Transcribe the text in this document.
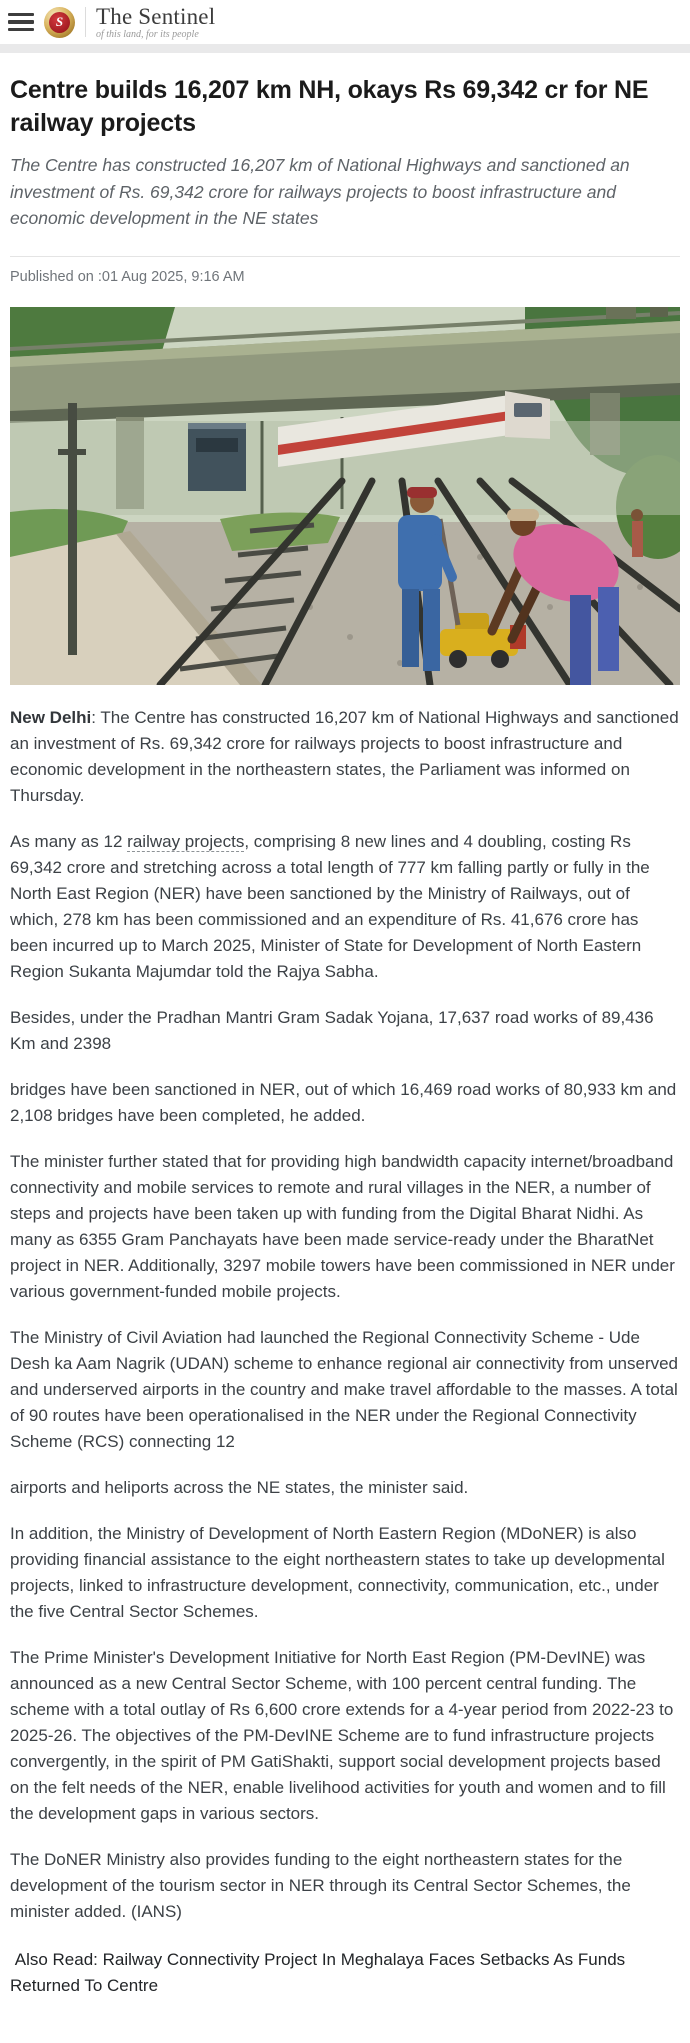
S The Sentinel
of this land, for its people
Centre builds 16,207 km NH, okays Rs 69,342 cr for NE railway projects

The Centre has constructed 16,207 km of National Highways and sanctioned an investment of Rs. 69,342 crore for railways projects to boost infrastructure and economic development in the NE states

Published on :01 Aug 2025, 9:16 AM

New Delhi: The Centre has constructed 16,207 km of National Highways and sanctioned an investment of Rs. 69,342 crore for railways projects to boost infrastructure and economic development in the northeastern states, the Parliament was informed on Thursday.

As many as 12 railway projects, comprising 8 new lines and 4 doubling, costing Rs 69,342 crore and stretching across a total length of 777 km falling partly or fully in the North East Region (NER) have been sanctioned by the Ministry of Railways, out of which, 278 km has been commissioned and an expenditure of Rs. 41,676 crore has been incurred up to March 2025, Minister of State for Development of North Eastern Region Sukanta Majumdar told the Rajya Sabha.

Besides, under the Pradhan Mantri Gram Sadak Yojana, 17,637 road works of 89,436 Km and 2398

bridges have been sanctioned in NER, out of which 16,469 road works of 80,933 km and 2,108 bridges have been completed, he added.

The minister further stated that for providing high bandwidth capacity internet/broadband connectivity and mobile services to remote and rural villages in the NER, a number of steps and projects have been taken up with funding from the Digital Bharat Nidhi. As many as 6355 Gram Panchayats have been made service-ready under the BharatNet project in NER. Additionally, 3297 mobile towers have been commissioned in NER under various government-funded mobile projects.

The Ministry of Civil Aviation had launched the Regional Connectivity Scheme - Ude Desh ka Aam Nagrik (UDAN) scheme to enhance regional air connectivity from unserved and underserved airports in the country and make travel affordable to the masses. A total of 90 routes have been operationalised in the NER under the Regional Connectivity Scheme (RCS) connecting 12

airports and heliports across the NE states, the minister said.

In addition, the Ministry of Development of North Eastern Region (MDoNER) is also providing financial assistance to the eight northeastern states to take up developmental projects, linked to infrastructure development, connectivity, communication, etc., under the five Central Sector Schemes.

The Prime Minister's Development Initiative for North East Region (PM-DevINE) was announced as a new Central Sector Scheme, with 100 percent central funding. The scheme with a total outlay of Rs 6,600 crore extends for a 4-year period from 2022-23 to 2025-26. The objectives of the PM-DevINE Scheme are to fund infrastructure projects convergently, in the spirit of PM GatiShakti, support social development projects based on the felt needs of the NER, enable livelihood activities for youth and women and to fill the development gaps in various sectors.

The DoNER Ministry also provides funding to the eight northeastern states for the development of the tourism sector in NER through its Central Sector Schemes, the minister added. (IANS)

Also Read: Railway Connectivity Project In Meghalaya Faces Setbacks As Funds Returned To Centre
